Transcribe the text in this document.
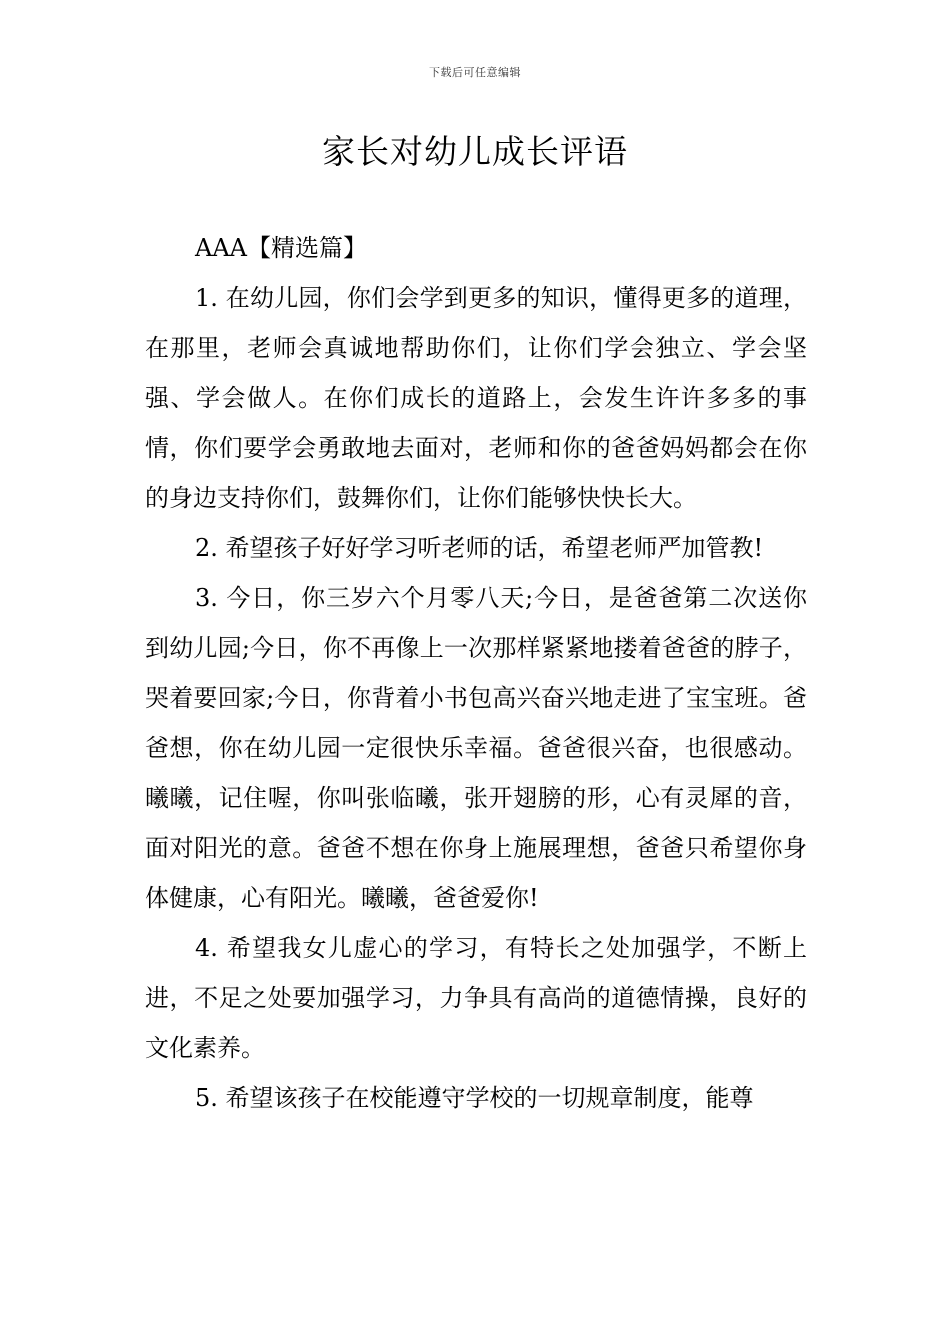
下载后可任意编辑
家长对幼儿成长评语

AAA【精选篇】

1. 在幼儿园，你们会学到更多的知识，懂得更多的道理，在那里，老师会真诚地帮助你们，让你们学会独立、学会坚强、学会做人。在你们成长的道路上，会发生许许多多的事情，你们要学会勇敢地去面对，老师和你的爸爸妈妈都会在你的身边支持你们，鼓舞你们，让你们能够快快长大。

2. 希望孩子好好学习听老师的话，希望老师严加管教!

3. 今日，你三岁六个月零八天;今日，是爸爸第二次送你到幼儿园;今日，你不再像上一次那样紧紧地搂着爸爸的脖子，哭着要回家;今日，你背着小书包高兴奋兴地走进了宝宝班。爸爸想，你在幼儿园一定很快乐幸福。爸爸很兴奋，也很感动。曦曦，记住喔，你叫张临曦，张开翅膀的形，心有灵犀的音，面对阳光的意。爸爸不想在你身上施展理想，爸爸只希望你身体健康，心有阳光。曦曦，爸爸爱你!

4. 希望我女儿虚心的学习，有特长之处加强学，不断上进，不足之处要加强学习，力争具有高尚的道德情操，良好的文化素养。

5. 希望该孩子在校能遵守学校的一切规章制度，能尊
